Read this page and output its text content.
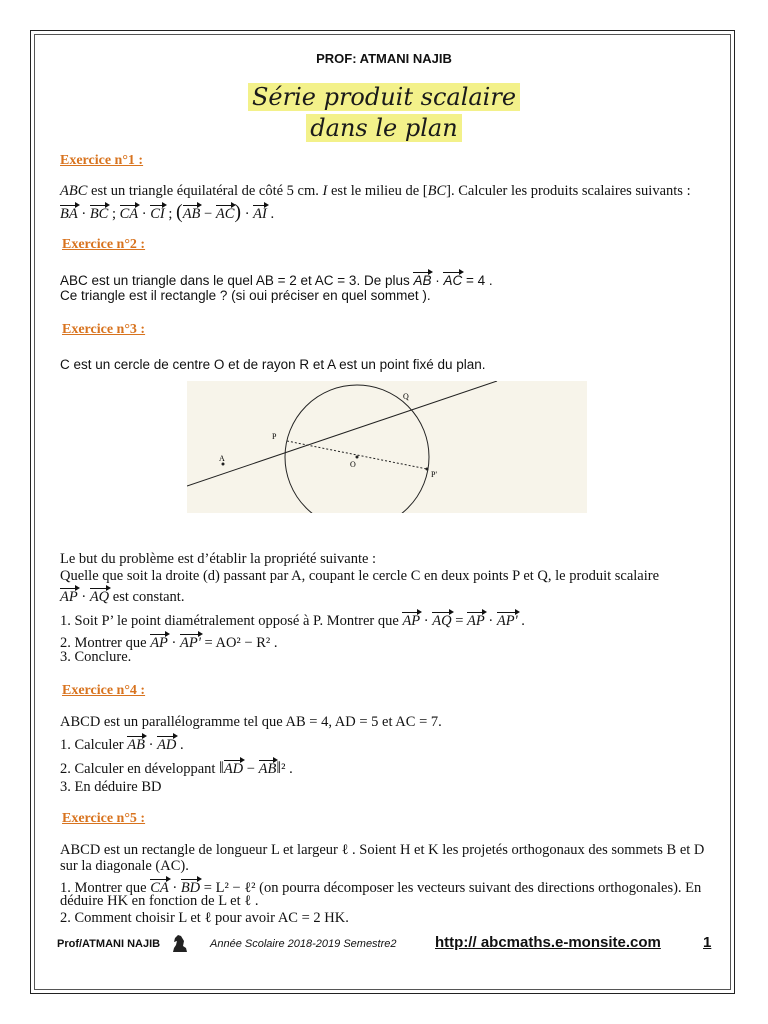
PROF: ATMANI NAJIB
Série produit scalaire
dans le plan
Exercice n°1 :
ABC est un triangle équilatéral de côté 5 cm. I est le milieu de [BC]. Calculer les produits scalaires suivants :
BA · BC ; CA · CI ; (AB − AC) · AI .
Exercice n°2 :
ABC est un triangle dans le quel AB = 2 et AC = 3. De plus AB · AC = 4 .
Ce triangle est il rectangle ? (si oui préciser en quel sommet ).
Exercice n°3 :
C est un cercle de centre O et de rayon R et A est un point fixé du plan.
P
Q
A
O
P'
Le but du problème est d’établir la propriété suivante :
Quelle que soit la droite (d) passant par A, coupant le cercle C en deux points P et Q, le produit scalaire
AP · AQ est constant.
1. Soit P’ le point diamétralement opposé à P. Montrer que AP · AQ = AP · AP' .
2. Montrer que AP · AP' = AO² − R² .
3. Conclure.
Exercice n°4 :
ABCD est un parallélogramme tel que AB = 4, AD = 5 et AC = 7.
1. Calculer AB · AD .
2. Calculer en développant ‖AD − AB‖² .
3. En déduire BD
Exercice n°5 :
ABCD est un rectangle de longueur L et largeur ℓ . Soient H et K les projetés orthogonaux des sommets B et D
sur la diagonale (AC).
1. Montrer que CA · BD = L² − ℓ² (on pourra décomposer les vecteurs suivant des directions orthogonales). En
déduire HK en fonction de L et ℓ .
2. Comment choisir L et ℓ pour avoir AC = 2 HK.
Prof/ATMANI NAJIB	Année Scolaire 2018-2019 Semestre2	http:// abcmaths.e-monsite.com	1
